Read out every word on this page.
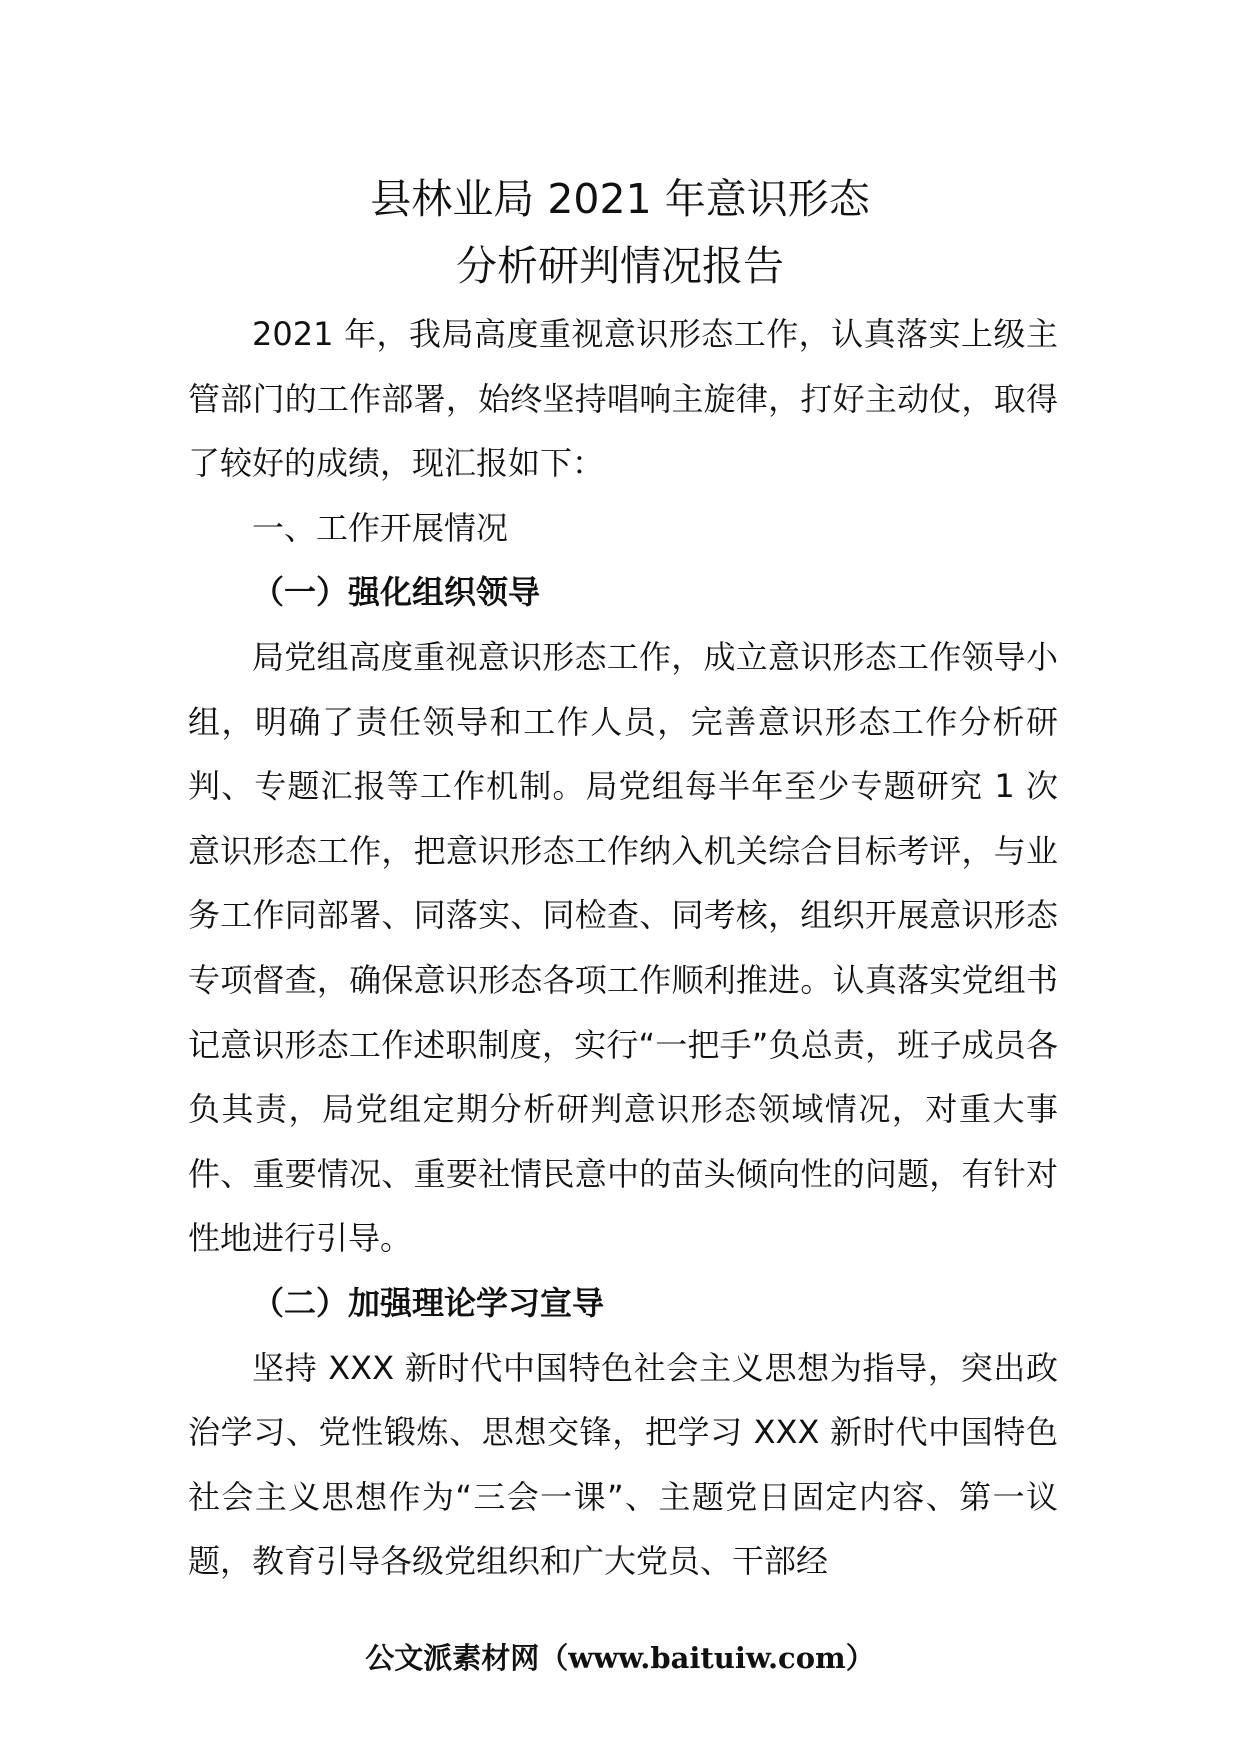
县林业局 2021 年意识形态
分析研判情况报告

2021 年，我局高度重视意识形态工作，认真落实上级主管部门的工作部署，始终坚持唱响主旋律，打好主动仗，取得了较好的成绩，现汇报如下：

一、工作开展情况

（一）强化组织领导

局党组高度重视意识形态工作，成立意识形态工作领导小组，明确了责任领导和工作人员，完善意识形态工作分析研判、专题汇报等工作机制。局党组每半年至少专题研究 1 次意识形态工作，把意识形态工作纳入机关综合目标考评，与业务工作同部署、同落实、同检查、同考核，组织开展意识形态专项督查，确保意识形态各项工作顺利推进。认真落实党组书记意识形态工作述职制度，实行“一把手”负总责，班子成员各负其责，局党组定期分析研判意识形态领域情况，对重大事件、重要情况、重要社情民意中的苗头倾向性的问题，有针对性地进行引导。

（二）加强理论学习宣导

坚持 XXX 新时代中国特色社会主义思想为指导，突出政治学习、党性锻炼、思想交锋，把学习 XXX 新时代中国特色社会主义思想作为“三会一课”、主题党日固定内容、第一议题，教育引导各级党组织和广大党员、干部经

公文派素材网（www.baituiw.com）
